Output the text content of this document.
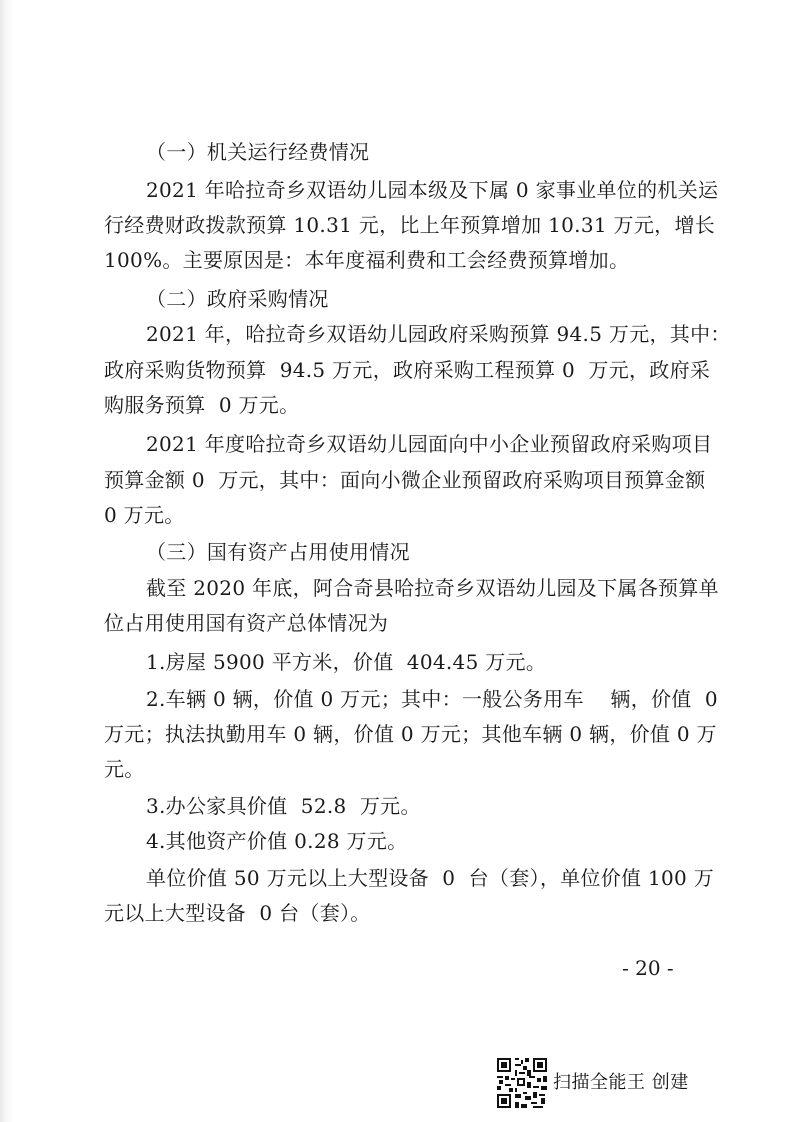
（一）机关运行经费情况
2021 年哈拉奇乡双语幼儿园本级及下属 0 家事业单位的机关运
行经费财政拨款预算 10.31 元，比上年预算增加 10.31 万元，增长
100%。主要原因是：本年度福利费和工会经费预算增加。
（二）政府采购情况
2021 年，哈拉奇乡双语幼儿园政府采购预算 94.5 万元，其中：
政府采购货物预算  94.5 万元，政府采购工程预算 0  万元，政府采
购服务预算  0 万元。
2021 年度哈拉奇乡双语幼儿园面向中小企业预留政府采购项目
预算金额 0  万元，其中：面向小微企业预留政府采购项目预算金额
0 万元。
（三）国有资产占用使用情况
截至 2020 年底，阿合奇县哈拉奇乡双语幼儿园及下属各预算单
位占用使用国有资产总体情况为
1.房屋 5900 平方米，价值  404.45 万元。
2.车辆 0 辆，价值 0 万元；其中：一般公务用车    辆，价值  0
万元；执法执勤用车 0 辆，价值 0 万元；其他车辆 0 辆，价值 0 万
元。
3.办公家具价值  52.8  万元。
4.其他资产价值 0.28 万元。
单位价值 50 万元以上大型设备  0  台（套），单位价值 100 万
元以上大型设备  0 台（套）。
- 20 -
扫描全能王 创建
